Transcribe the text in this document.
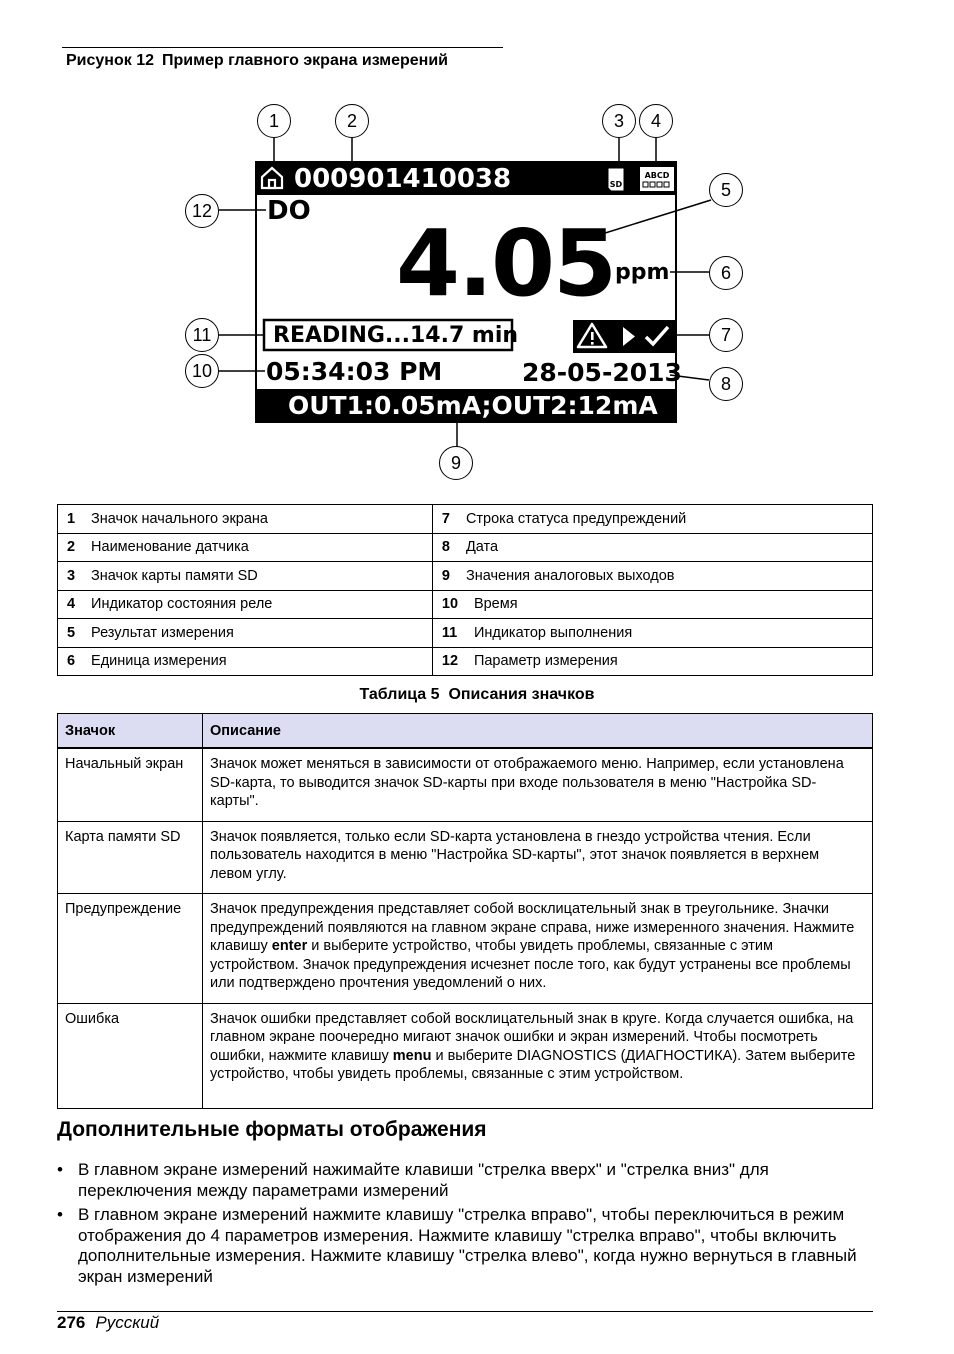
Рисунок 12 Пример главного экрана измерений
SD
ABCD
000901410038
DO 4.05 ppm
READING...14.7 min
05:34:03 PM	28-05-2013
OUT1:0.05mA;OUT2:12mA
1	2	3	4
5
6
7
8
9
10
11
12
1 Значок начального экрана	7 Строка статуса предупреждений
2 Наименование датчика	8 Дата
3 Значок карты памяти SD	9 Значения аналоговых выходов
4 Индикатор состояния реле	10 Время
5 Результат измерения	11 Индикатор выполнения
6 Единица измерения	12 Параметр измерения
Таблица 5 Описания значков
Значок	Описание
Начальный экран	Значок может меняться в зависимости от отображаемого меню. Например, если установлена SD-карта, то выводится значок SD-карты при входе пользователя в меню "Настройка SD-карты".
Карта памяти SD	Значок появляется, только если SD-карта установлена в гнездо устройства чтения. Если пользователь находится в меню "Настройка SD-карты", этот значок появляется в верхнем левом углу.
Предупреждение	Значок предупреждения представляет собой восклицательный знак в треугольнике. Значки предупреждений появляются на главном экране справа, ниже измеренного значения. Нажмите клавишу enter и выберите устройство, чтобы увидеть проблемы, связанные с этим устройством. Значок предупреждения исчезнет после того, как будут устранены все проблемы или подтверждено прочтения уведомлений о них.
Ошибка	Значок ошибки представляет собой восклицательный знак в круге. Когда случается ошибка, на главном экране поочередно мигают значок ошибки и экран измерений. Чтобы посмотреть ошибки, нажмите клавишу menu и выберите DIAGNOSTICS (ДИАГНОСТИКА). Затем выберите устройство, чтобы увидеть проблемы, связанные с этим устройством.
Дополнительные форматы отображения
• В главном экране измерений нажимайте клавиши "стрелка вверх" и "стрелка вниз" для переключения между параметрами измерений
• В главном экране измерений нажмите клавишу "стрелка вправо", чтобы переключиться в режим отображения до 4 параметров измерения. Нажмите клавишу "стрелка вправо", чтобы включить дополнительные измерения. Нажмите клавишу "стрелка влево", когда нужно вернуться в главный экран измерений
276 Русский
